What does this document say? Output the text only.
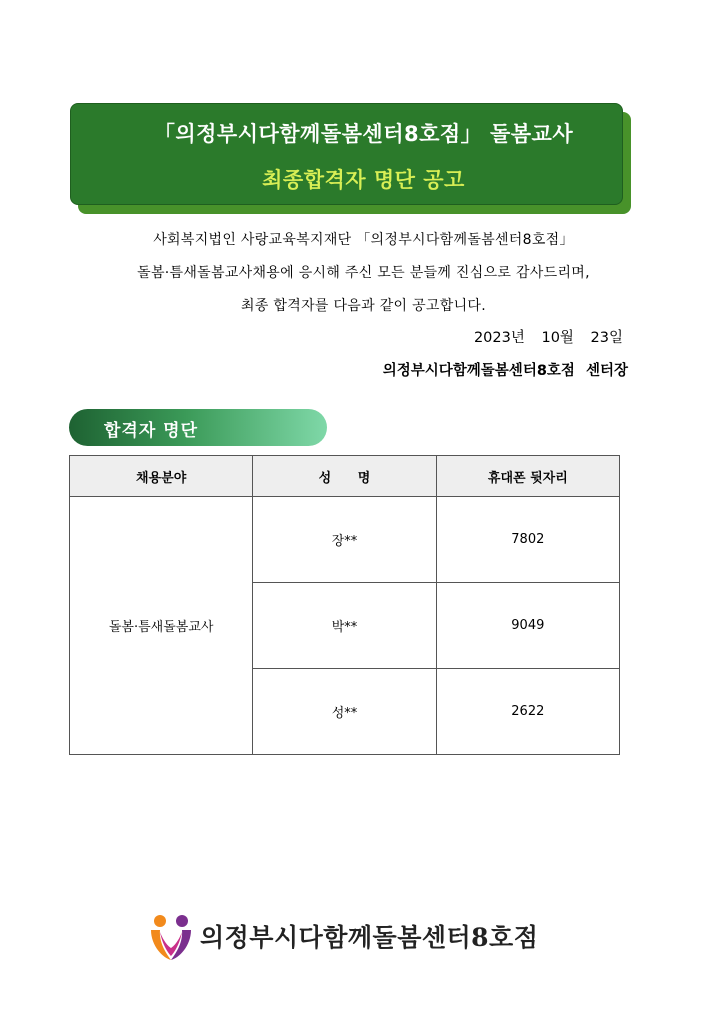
「의정부시다함께돌봄센터8호점」 돌봄교사
최종합격자 명단 공고
사회복지법인 사랑교육복지재단 「의정부시다함께돌봄센터8호점」
돌봄·틈새돌봄교사채용에 응시해 주신 모든 분들께 진심으로 감사드리며,
최종 합격자를 다음과 같이 공고합니다.
2023년 10월 23일
의정부시다함께돌봄센터8호점 센터장
합격자 명단
채용분야	성 명	휴대폰 뒷자리
돌봄·틈새돌봄교사	장**	7802
	박**	9049
	성**	2622
의정부시다함께돌봄센터8호점
